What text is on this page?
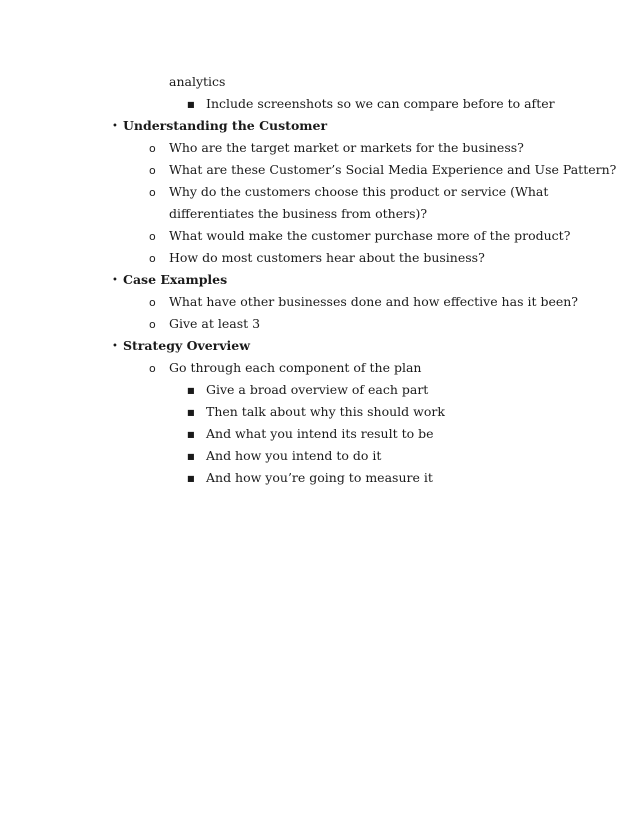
analytics
■ Include screenshots so we can compare before to after
• Understanding the Customer
o Who are the target market or markets for the business?
o What are these Customer’s Social Media Experience and Use Pattern?
o Why do the customers choose this product or service (What
differentiates the business from others)?
o What would make the customer purchase more of the product?
o How do most customers hear about the business?
• Case Examples
o What have other businesses done and how effective has it been?
o Give at least 3
• Strategy Overview
o Go through each component of the plan
■ Give a broad overview of each part
■ Then talk about why this should work
■ And what you intend its result to be
■ And how you intend to do it
■ And how you’re going to measure it
